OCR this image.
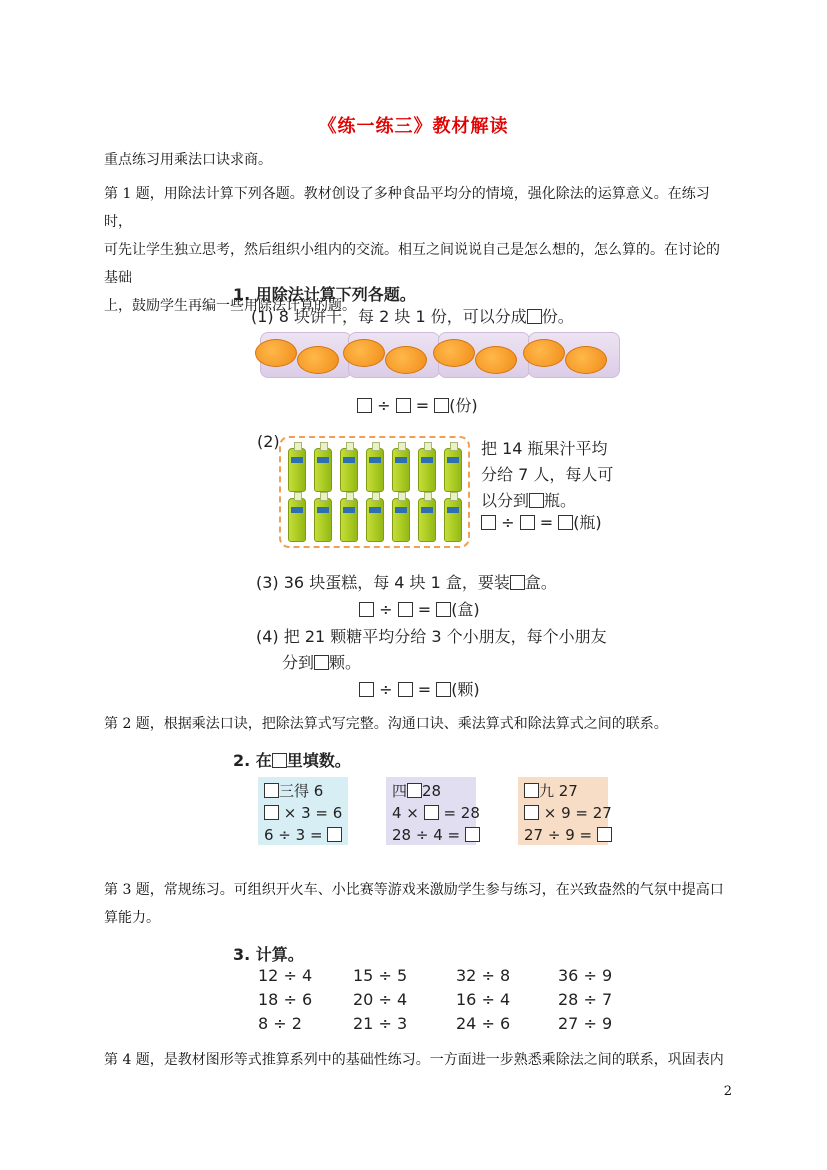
《练一练三》教材解读
重点练习用乘法口诀求商。
第 1 题，用除法计算下列各题。教材创设了多种食品平均分的情境，强化除法的运算意义。在练习时，
可先让学生独立思考，然后组织小组内的交流。相互之间说说自己是怎么想的，怎么算的。在讨论的基础
上，鼓励学生再编一些用除法计算的题。
1. 用除法计算下列各题。
(1) 8 块饼干，每 2 块 1 份，可以分成 份。
÷ = (份)
(2)	把 14 瓶果汁平均
分给 7 人，每人可
以分到 瓶。
÷ = (瓶)
(3) 36 块蛋糕，每 4 块 1 盒，要装 盒。
÷ = (盒)
(4) 把 21 颗糖平均分给 3 个小朋友，每个小朋友
分到 颗。
÷ = (颗)
第 2 题，根据乘法口诀，把除法算式写完整。沟通口诀、乘法算式和除法算式之间的联系。
2. 在 里填数。
三得 6
× 3 = 6
6 ÷ 3 =
四 28
4 × = 28
28 ÷ 4 =
九 27
× 9 = 27
27 ÷ 9 =
第 3 题，常规练习。可组织开火车、小比赛等游戏来激励学生参与练习，在兴致盎然的气氛中提高口
算能力。
3. 计算。
12 ÷ 4	15 ÷ 5	32 ÷ 8	36 ÷ 9
18 ÷ 6	20 ÷ 4	16 ÷ 4	28 ÷ 7
8 ÷ 2	21 ÷ 3	24 ÷ 6	27 ÷ 9
第 4 题，是教材图形等式推算系列中的基础性练习。一方面进一步熟悉乘除法之间的联系，巩固表内
2
